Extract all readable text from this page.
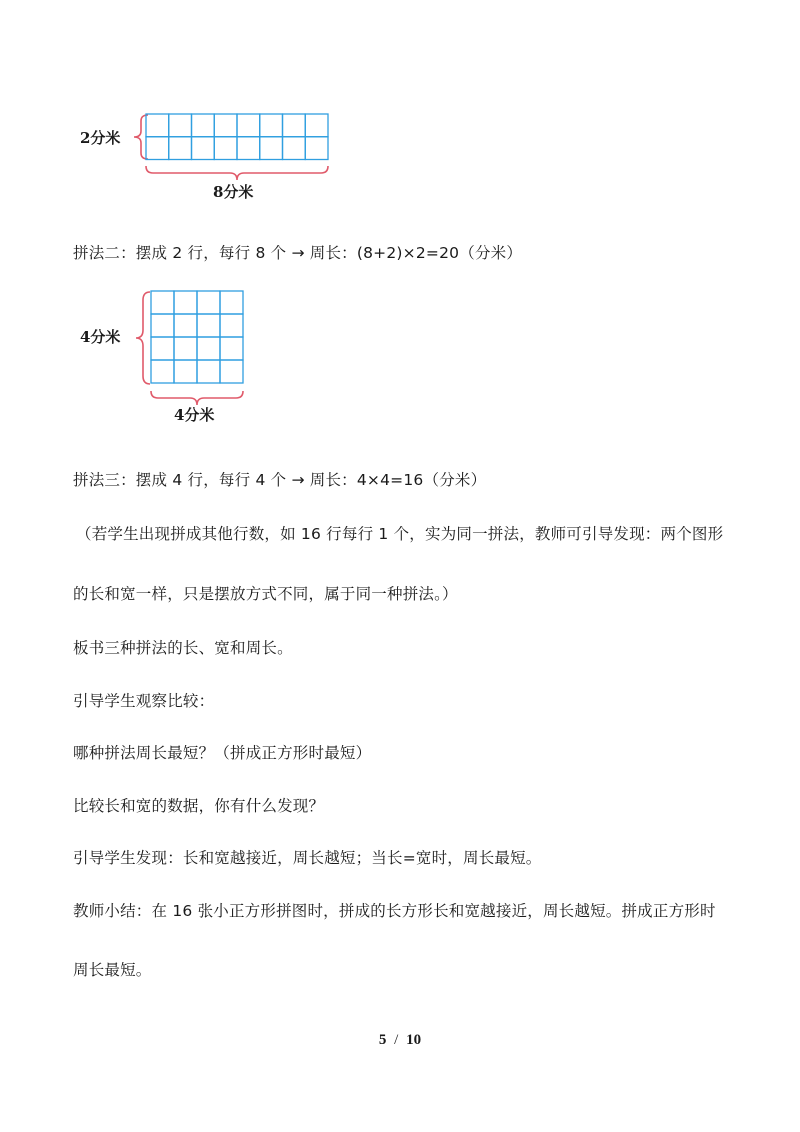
2分米
8分米
拼法二：摆成 2 行，每行 8 个 → 周长：(8+2)×2=20（分米）
4分米
4分米
拼法三：摆成 4 行，每行 4 个 → 周长：4×4=16（分米）
（若学生出现拼成其他行数，如 16 行每行 1 个，实为同一拼法，教师可引导发现：两个图形
的长和宽一样，只是摆放方式不同，属于同一种拼法。）
板书三种拼法的长、宽和周长。
引导学生观察比较：
哪种拼法周长最短？（拼成正方形时最短）
比较长和宽的数据，你有什么发现？
引导学生发现：长和宽越接近，周长越短；当长=宽时，周长最短。
教师小结：在 16 张小正方形拼图时，拼成的长方形长和宽越接近，周长越短。拼成正方形时
周长最短。
5 / 10
